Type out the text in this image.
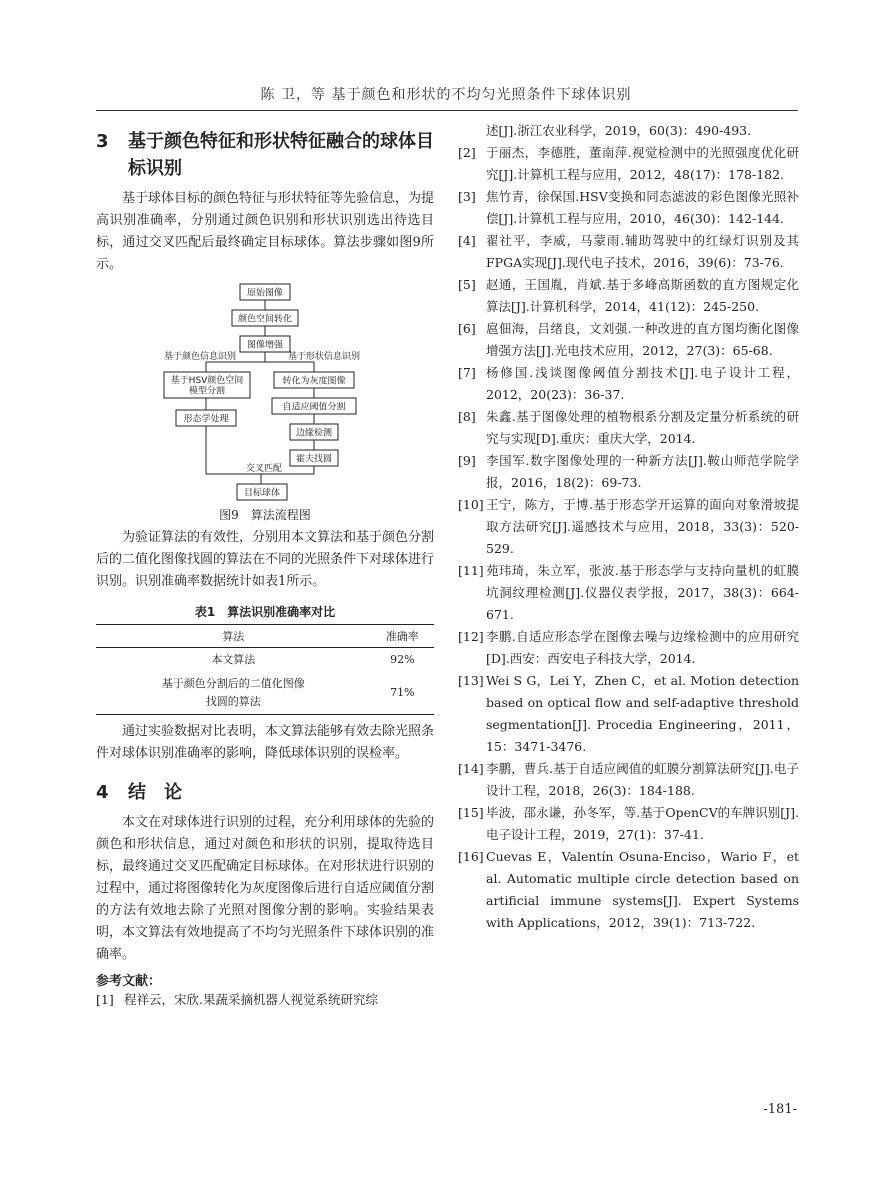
陈 卫，等 基于颜色和形状的不均匀光照条件下球体识别
3	基于颜色特征和形状特征融合的球体目标识别

基于球体目标的颜色特征与形状特征等先验信息，为提高识别准确率，分别通过颜色识别和形状识别选出待选目标，通过交叉匹配后最终确定目标球体。算法步骤如图9所示。

原始图像
颜色空间转化
图像增强
基于颜色信息识别	基于形状信息识别
基于HSV颜色空间
模型分割
形态学处理
转化为灰度图像
自适应阈值分割
边缘检测
霍夫找圆
交叉匹配
目标球体
图9　算法流程图

为验证算法的有效性，分别用本文算法和基于颜色分割后的二值化图像找圆的算法在不同的光照条件下对球体进行识别。识别准确率数据统计如表1所示。

表1　算法识别准确率对比
算法	准确率
本文算法	92%

基于颜色分割后的二值化图像
找圆的算法	71%

通过实验数据对比表明，本文算法能够有效去除光照条件对球体识别准确率的影响，降低球体识别的误检率。

4	结　论

本文在对球体进行识别的过程，充分利用球体的先验的颜色和形状信息，通过对颜色和形状的识别，提取待选目标，最终通过交叉匹配确定目标球体。在对形状进行识别的过程中，通过将图像转化为灰度图像后进行自适应阈值分割的方法有效地去除了光照对图像分割的影响。实验结果表明，本文算法有效地提高了不均匀光照条件下球体识别的准确率。

参考文献：
[1] 程祥云，宋欣.果蔬采摘机器人视觉系统研究综
述[J].浙江农业科学，2019，60(3)：490-493.
[2] 于丽杰，李德胜，董南萍.视觉检测中的光照强度优化研究[J].计算机工程与应用，2012，48(17)：178-182.
[3] 焦竹青，徐保国.HSV变换和同态滤波的彩色图像光照补偿[J].计算机工程与应用，2010，46(30)：142-144.
[4] 翟社平，李威，马蒙雨.辅助驾驶中的红绿灯识别及其FPGA实现[J].现代电子技术，2016，39(6)：73-76.
[5] 赵通，王国胤，肖斌.基于多峰高斯函数的直方图规定化算法[J].计算机科学，2014，41(12)：245-250.
[6] 扈佃海，吕绪良，文刘强.一种改进的直方图均衡化图像增强方法[J].光电技术应用，2012，27(3)：65-68.
[7] 杨修国.浅谈图像阈值分割技术[J].电子设计工程，2012，20(23)：36-37.
[8] 朱鑫.基于图像处理的植物根系分割及定量分析系统的研究与实现[D].重庆：重庆大学，2014.
[9] 李国军.数字图像处理的一种新方法[J].鞍山师范学院学报，2016，18(2)：69-73.
[10] 王宁，陈方，于博.基于形态学开运算的面向对象滑坡提取方法研究[J].遥感技术与应用，2018，33(3)：520-529.
[11] 苑玮琦，朱立军，张波.基于形态学与支持向量机的虹膜坑洞纹理检测[J].仪器仪表学报，2017，38(3)：664-671.
[12] 李鹏.自适应形态学在图像去噪与边缘检测中的应用研究[D].西安：西安电子科技大学，2014.
[13] Wei S G，Lei Y，Zhen C，et al. Motion detection based on optical flow and self-adaptive threshold segmentation[J]. Procedia Engineering，2011，15：3471-3476.
[14] 李鹏，曹兵.基于自适应阈值的虹膜分割算法研究[J].电子设计工程，2018，26(3)：184-188.
[15] 毕波，邵永谦，孙冬军，等.基于OpenCV的车牌识别[J].电子设计工程，2019，27(1)：37-41.
[16] Cuevas E，Valentín Osuna-Enciso，Wario F，et al. Automatic multiple circle detection based on artificial immune systems[J]. Expert Systems with Applications，2012，39(1)：713-722.
-181-
